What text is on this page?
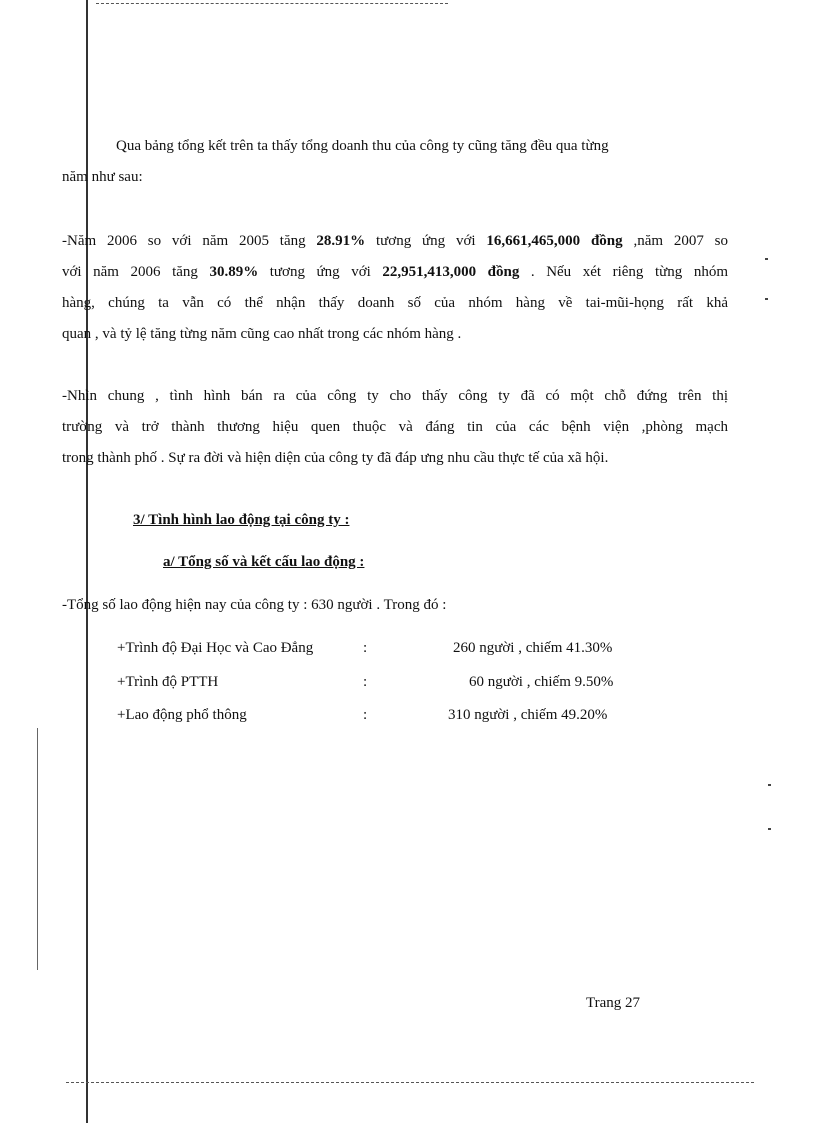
Qua bảng tổng kết trên ta thấy tổng doanh thu của công ty cũng tăng đều qua từng
năm như sau:
-Năm 2006 so với năm 2005 tăng 28.91% tương ứng với 16,661,465,000 đồng ,năm 2007 so
với năm 2006 tăng 30.89% tương ứng với 22,951,413,000 đồng . Nếu xét riêng từng nhóm
hàng, chúng ta vẫn có thể nhận thấy doanh số của nhóm hàng về tai-mũi-họng rất khả
quan , và tỷ lệ tăng từng năm cũng cao nhất trong các nhóm hàng .
-Nhìn chung , tình hình bán ra của công ty cho thấy công ty đã có một chỗ đứng trên thị
trường và trở thành thương hiệu quen thuộc và đáng tin của các bệnh viện ,phòng mạch
trong thành phố . Sự ra đời và hiện diện của công ty đã đáp ưng nhu cầu thực tế của xã hội.
3/ Tình hình lao động tại công ty :
a/ Tổng số và kết cấu lao động :
-Tổng số lao động hiện nay của công ty : 630 người . Trong đó :
+Trình độ Đại Học và Cao Đẳng	:	260 người , chiếm 41.30%
+Trình độ PTTH	:	60 người , chiếm 9.50%
+Lao động phổ thông	:	310 người , chiếm 49.20%
Trang 27
